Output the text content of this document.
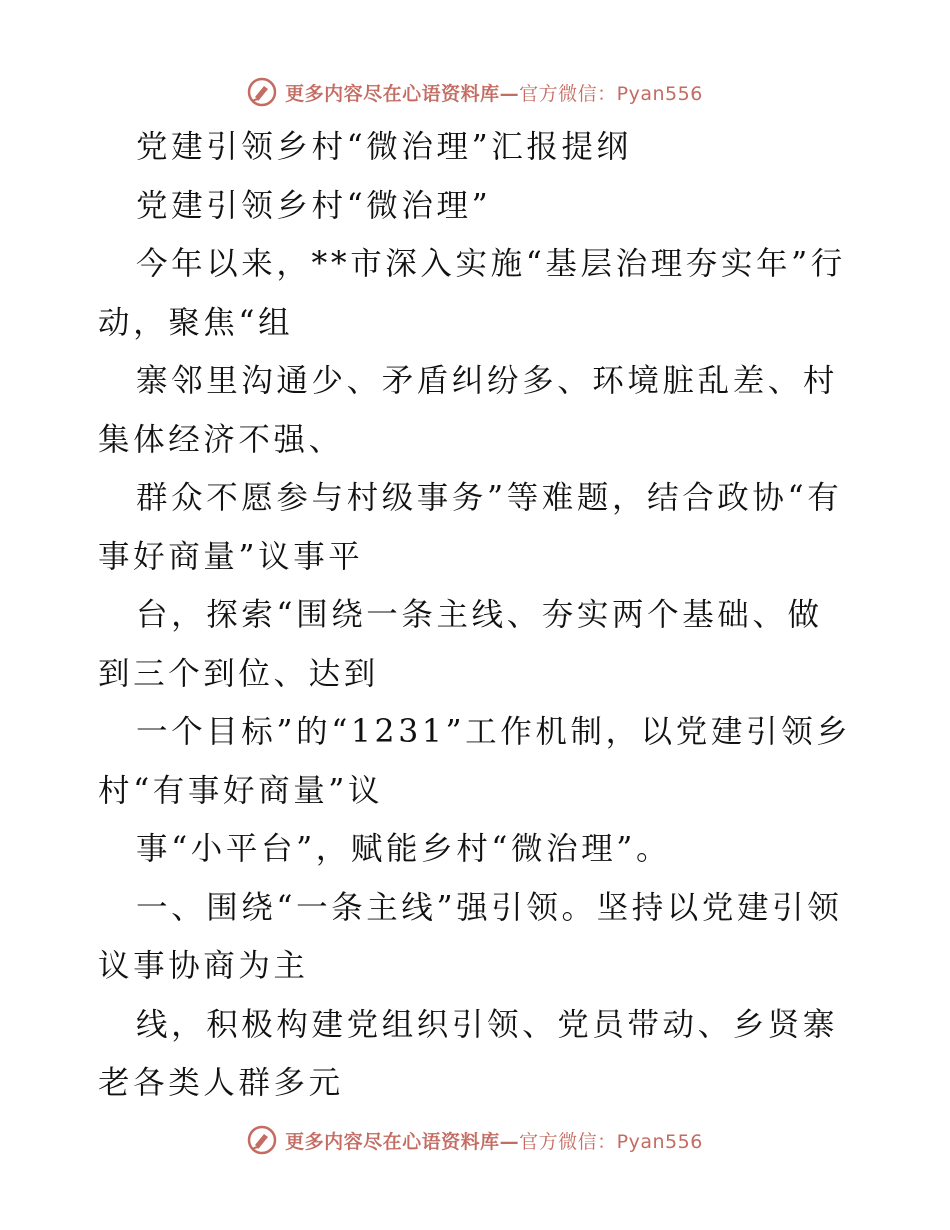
更多内容尽在心语资料库— 官方微信：Pyan556

党建引领乡村“微治理”汇报提纲

党建引领乡村“微治理”

今年以来，**市深入实施“基层治理夯实年”行动，聚焦“组

寨邻里沟通少、矛盾纠纷多、环境脏乱差、村集体经济不强、

群众不愿参与村级事务”等难题，结合政协“有事好商量”议事平

台，探索“围绕一条主线、夯实两个基础、做到三个到位、达到

一个目标”的“1231”工作机制，以党建引领乡村“有事好商量”议

事“小平台”，赋能乡村“微治理”。

一、围绕“一条主线”强引领。坚持以党建引领议事协商为主

线，积极构建党组织引领、党员带动、乡贤寨老各类人群多元

更多内容尽在心语资料库— 官方微信：Pyan556
